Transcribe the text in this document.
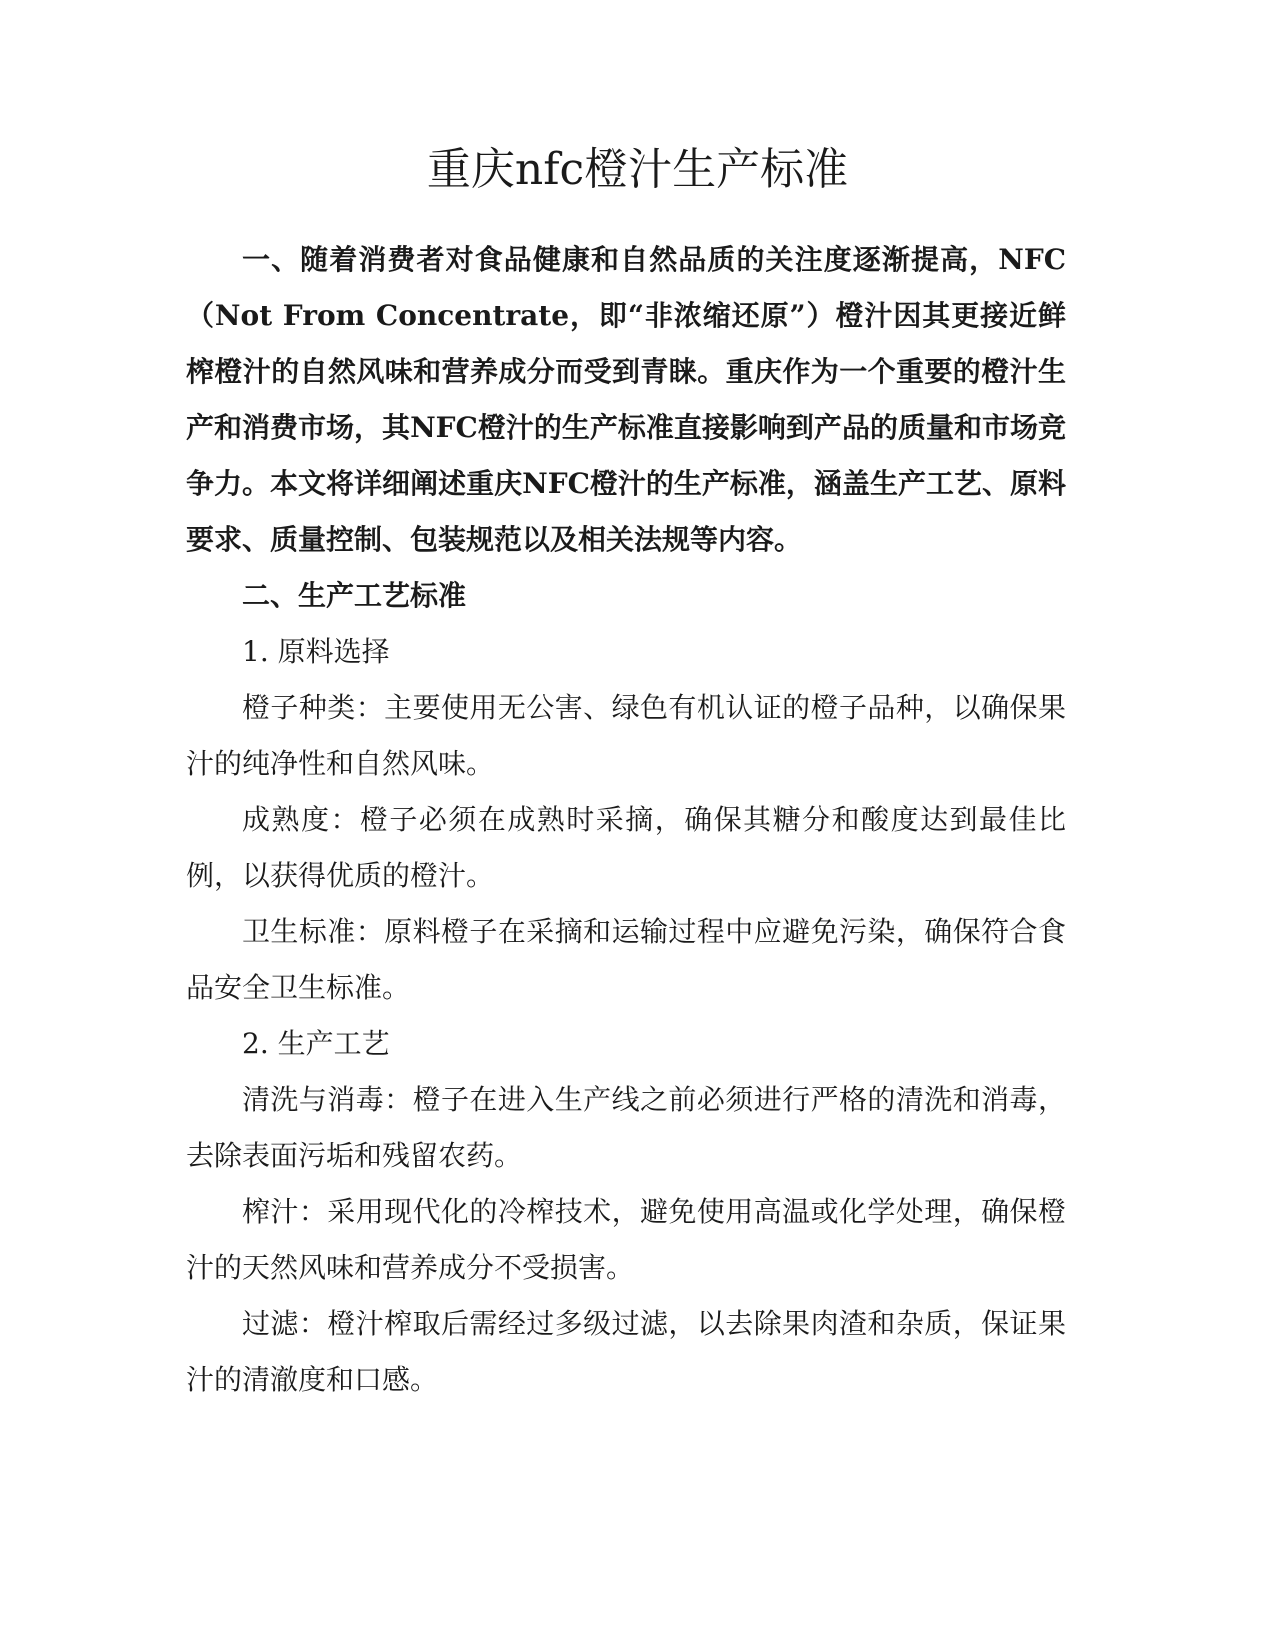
重庆nfc橙汁生产标准

一、随着消费者对食品健康和自然品质的关注度逐渐提高，NFC（Not From Concentrate，即“非浓缩还原”）橙汁因其更接近鲜榨橙汁的自然风味和营养成分而受到青睐。重庆作为一个重要的橙汁生产和消费市场，其NFC橙汁的生产标准直接影响到产品的质量和市场竞争力。本文将详细阐述重庆NFC橙汁的生产标准，涵盖生产工艺、原料要求、质量控制、包装规范以及相关法规等内容。

二、生产工艺标准

1. 原料选择

橙子种类：主要使用无公害、绿色有机认证的橙子品种，以确保果汁的纯净性和自然风味。

成熟度：橙子必须在成熟时采摘，确保其糖分和酸度达到最佳比例，以获得优质的橙汁。

卫生标准：原料橙子在采摘和运输过程中应避免污染，确保符合食品安全卫生标准。

2. 生产工艺

清洗与消毒：橙子在进入生产线之前必须进行严格的清洗和消毒，去除表面污垢和残留农药。

榨汁：采用现代化的冷榨技术，避免使用高温或化学处理，确保橙汁的天然风味和营养成分不受损害。

过滤：橙汁榨取后需经过多级过滤，以去除果肉渣和杂质，保证果汁的清澈度和口感。
